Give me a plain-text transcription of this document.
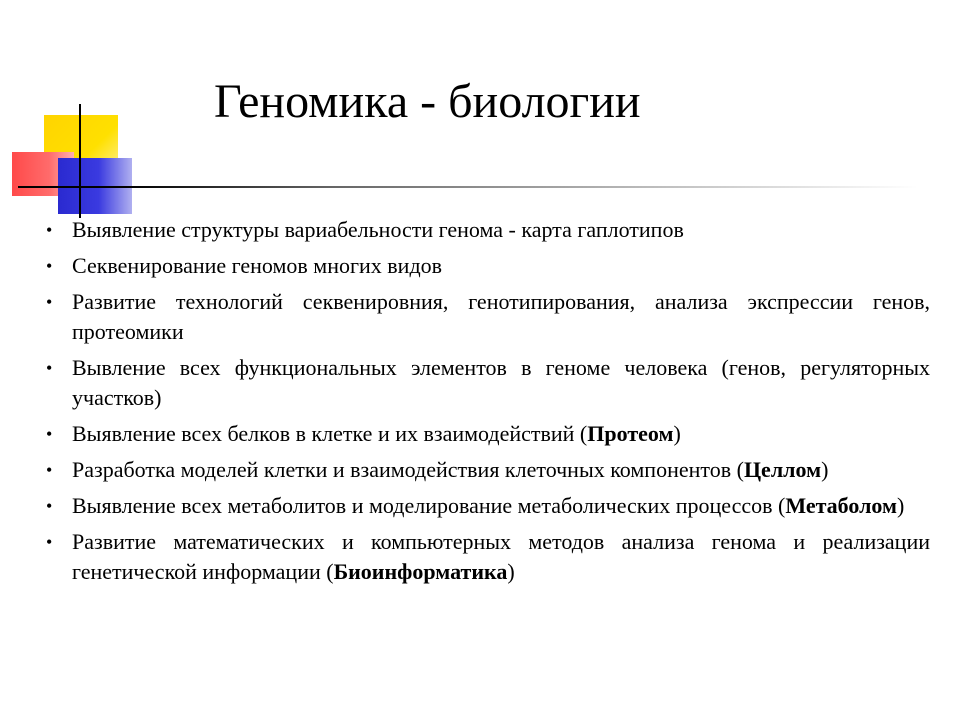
Геномика - биологии
• Выявление структуры вариабельности генома - карта гаплотипов
• Секвенирование геномов многих видов
• Развитие технологий секвенировния, генотипирования, анализа экспрессии генов, протеомики
• Вывление всех функциональных элементов в геноме человека (генов, регуляторных участков)
• Выявление всех белков в клетке и их взаимодействий (Протеом)
• Разработка моделей клетки и взаимодействия клеточных компонентов (Целлом)
• Выявление всех метаболитов и моделирование метаболических процессов (Метаболом)
• Развитие математических и компьютерных методов анализа генома и реализации генетической информации (Биоинформатика)
